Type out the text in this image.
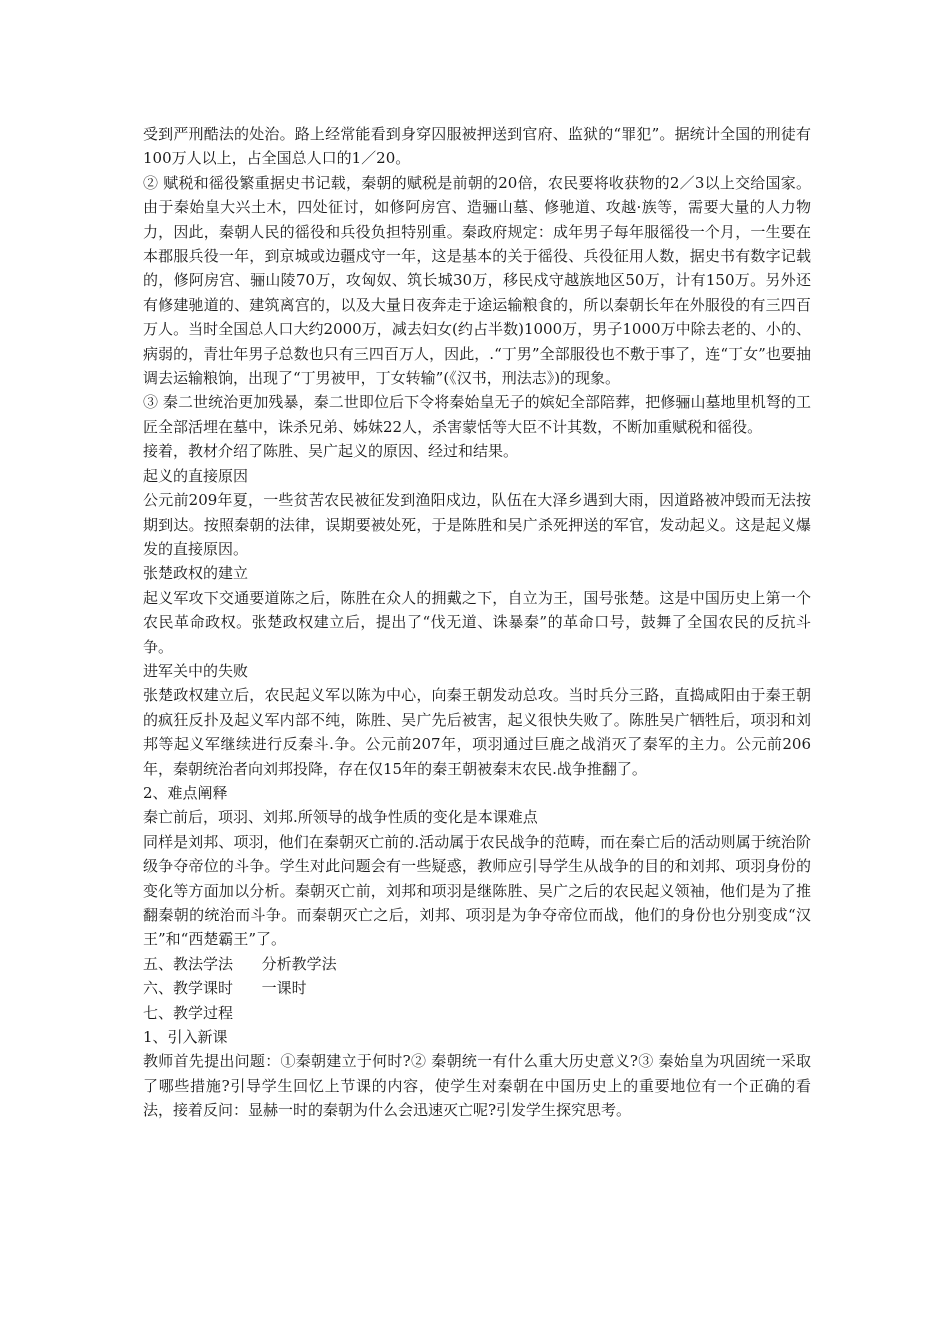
受到严刑酷法的处治。路上经常能看到身穿囚服被押送到官府、监狱的“罪犯”。据统计全国的刑徒有100万人以上，占全国总人口的1／20。

② 赋税和徭役繁重据史书记载，秦朝的赋税是前朝的20倍，农民要将收获物的2／3以上交给国家。由于秦始皇大兴土木，四处征讨，如修阿房宫、造骊山墓、修驰道、攻越·族等，需要大量的人力物力，因此，秦朝人民的徭役和兵役负担特别重。秦政府规定：成年男子每年服徭役一个月，一生要在本郡服兵役一年，到京城或边疆戍守一年，这是基本的关于徭役、兵役征用人数，据史书有数字记载的，修阿房宫、骊山陵70万，攻匈奴、筑长城30万，移民戍守越族地区50万，计有150万。另外还有修建驰道的、建筑离宫的，以及大量日夜奔走于途运输粮食的，所以秦朝长年在外服役的有三四百万人。当时全国总人口大约2000万，减去妇女(约占半数)1000万，男子1000万中除去老的、小的、病弱的，青壮年男子总数也只有三四百万人，因此，.“丁男”全部服役也不敷于事了，连“丁女”也要抽调去运输粮饷，出现了“丁男被甲，丁女转输”(《汉书，刑法志》)的现象。

③ 秦二世统治更加残暴，秦二世即位后下令将秦始皇无子的嫔妃全部陪葬，把修骊山墓地里机弩的工匠全部活埋在墓中，诛杀兄弟、姊妹22人，杀害蒙恬等大臣不计其数，不断加重赋税和徭役。

接着，教材介绍了陈胜、吴广起义的原因、经过和结果。

起义的直接原因

公元前209年夏，一些贫苦农民被征发到渔阳戍边，队伍在大泽乡遇到大雨，因道路被冲毁而无法按期到达。按照秦朝的法律，误期要被处死，于是陈胜和吴广杀死押送的军官，发动起义。这是起义爆发的直接原因。

张楚政权的建立

起义军攻下交通要道陈之后，陈胜在众人的拥戴之下，自立为王，国号张楚。这是中国历史上第一个农民革命政权。张楚政权建立后，提出了“伐无道、诛暴秦”的革命口号，鼓舞了全国农民的反抗斗争。

进军关中的失败

张楚政权建立后，农民起义军以陈为中心，向秦王朝发动总攻。当时兵分三路，直捣咸阳由于秦王朝的疯狂反扑及起义军内部不纯，陈胜、吴广先后被害，起义很快失败了。陈胜吴广牺牲后，项羽和刘邦等起义军继续进行反秦斗.争。公元前207年，项羽通过巨鹿之战消灭了秦军的主力。公元前206年，秦朝统治者向刘邦投降，存在仅15年的秦王朝被秦末农民.战争推翻了。

2、难点阐释

秦亡前后，项羽、刘邦.所领导的战争性质的变化是本课难点

同样是刘邦、项羽，他们在秦朝灭亡前的.活动属于农民战争的范畴，而在秦亡后的活动则属于统治阶级争夺帝位的斗争。学生对此问题会有一些疑惑，教师应引导学生从战争的目的和刘邦、项羽身份的变化等方面加以分析。秦朝灭亡前，刘邦和项羽是继陈胜、吴广之后的农民起义领袖，他们是为了推翻秦朝的统治而斗争。而秦朝灭亡之后，刘邦、项羽是为争夺帝位而战，他们的身份也分别变成“汉王”和“西楚霸王”了。

五、教法学法      分析教学法

六、教学课时      一课时

七、教学过程

1、引入新课

教师首先提出问题：①秦朝建立于何时?② 秦朝统一有什么重大历史意义?③ 秦始皇为巩固统一采取了哪些措施?引导学生回忆上节课的内容，使学生对秦朝在中国历史上的重要地位有一个正确的看法，接着反问：显赫一时的秦朝为什么会迅速灭亡呢?引发学生探究思考。
